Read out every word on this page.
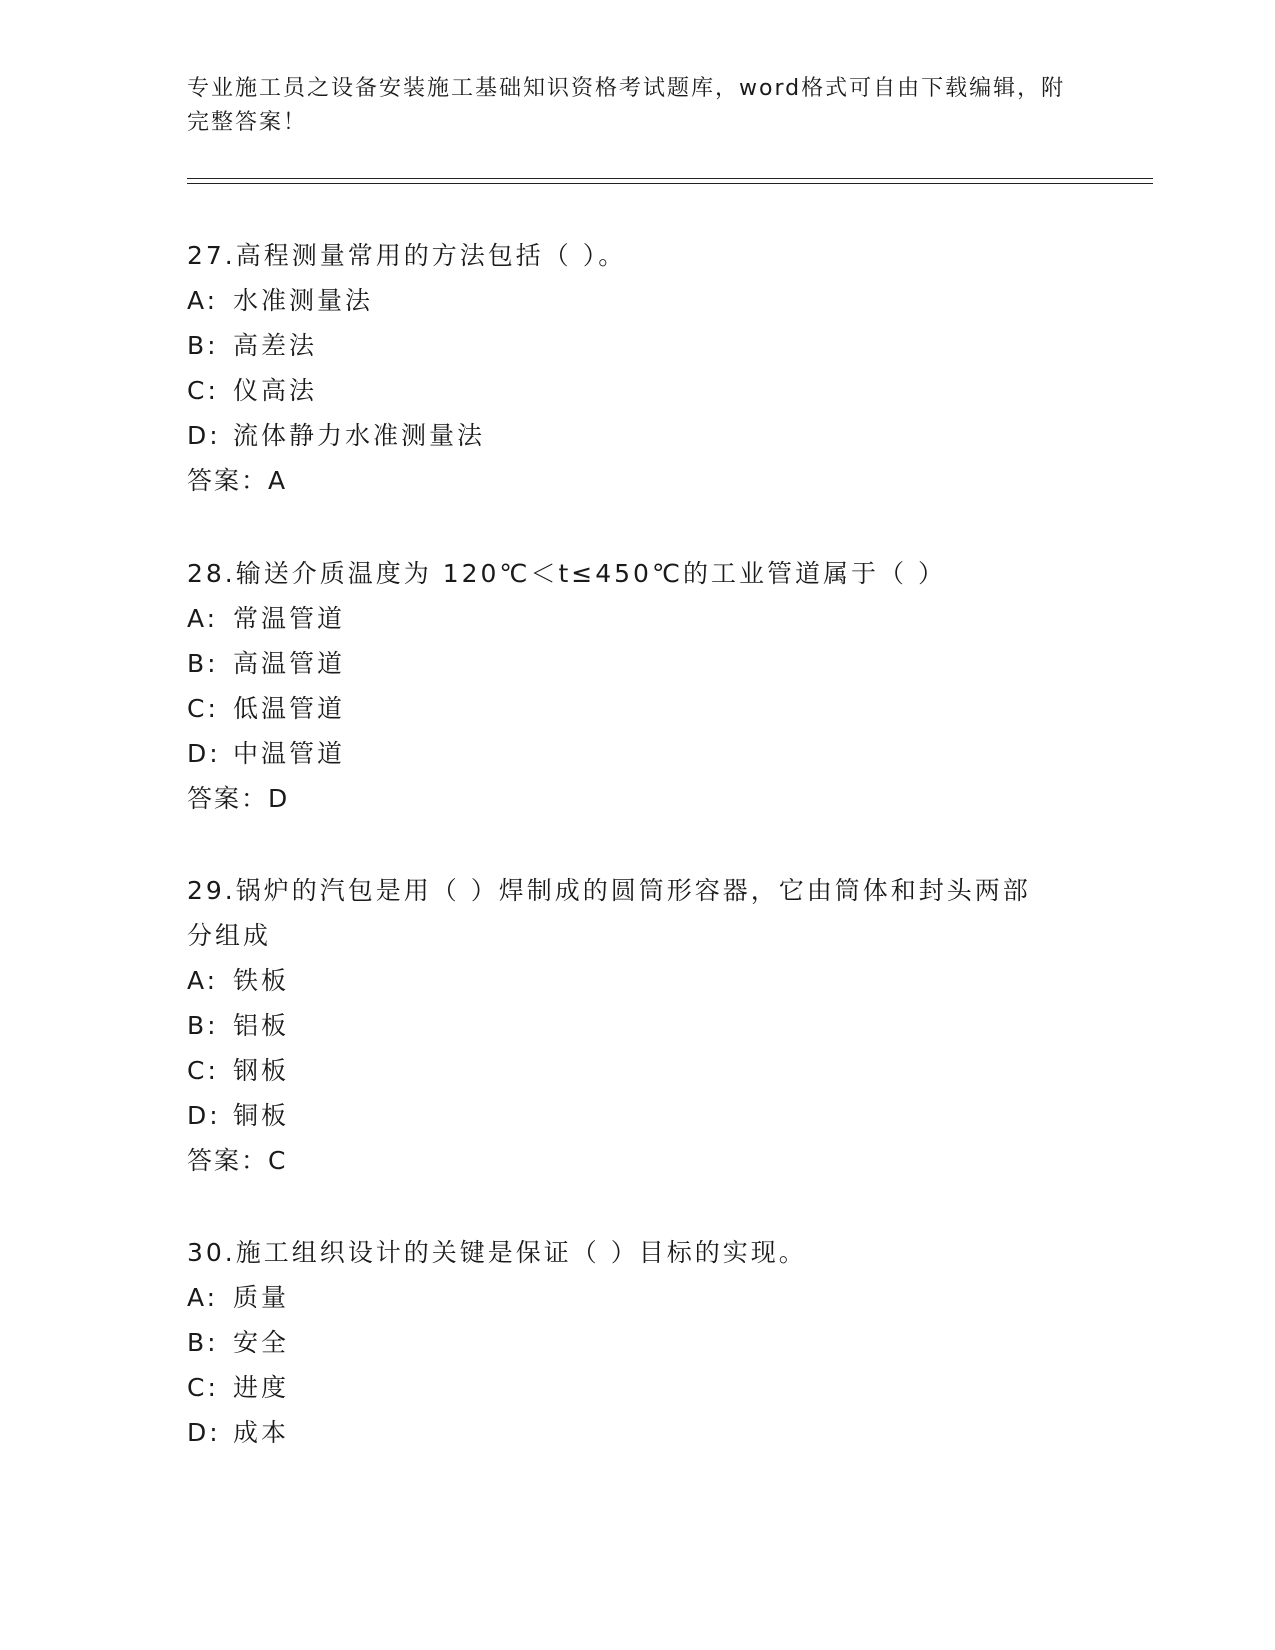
专业施工员之设备安装施工基础知识资格考试题库，word格式可自由下载编辑，附完整答案！
27.高程测量常用的方法包括（ ）。
A: 水准测量法
B: 高差法
C: 仪高法
D: 流体静力水准测量法
答案：A
28.输送介质温度为 120℃＜t≤450℃的工业管道属于（ ）
A: 常温管道
B: 高温管道
C: 低温管道
D: 中温管道
答案：D
29.锅炉的汽包是用（ ）焊制成的圆筒形容器，它由筒体和封头两部分组成
A: 铁板
B: 铝板
C: 钢板
D: 铜板
答案：C
30.施工组织设计的关键是保证（ ）目标的实现。
A: 质量
B: 安全
C: 进度
D: 成本
